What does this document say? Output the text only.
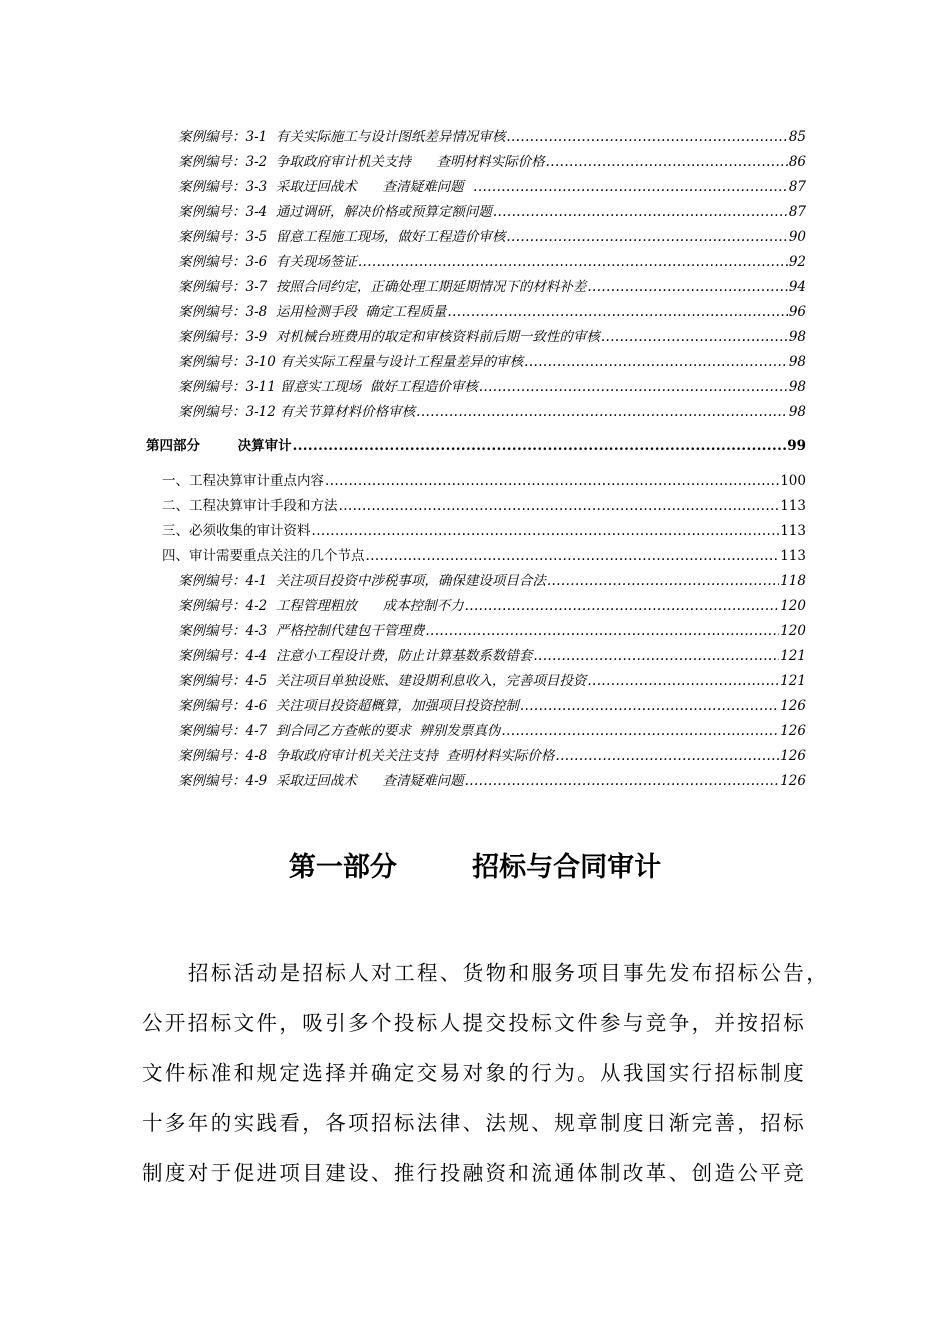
案例编号：3-1  有关实际施工与设计图纸差异情况审核 .....	85
案例编号：3-2  争取政府审计机关支持      查明材料实际价格 .....	86
案例编号：3-3  采取迂回战术      查清疑难问题 .....	87
案例编号：3-4  通过调研，解决价格或预算定额问题 .....	87
案例编号：3-5  留意工程施工现场，做好工程造价审核 .....	90
案例编号：3-6  有关现场签证 .....	92
案例编号：3-7  按照合同约定，正确处理工期延期情况下的材料补差 .....	94
案例编号：3-8  运用检测手段  确定工程质量 .....	96
案例编号：3-9  对机械台班费用的取定和审核资料前后期一致性的审核 .....	98
案例编号：3-10 有关实际工程量与设计工程量差异的审核 .....	98
案例编号：3-11 留意实工现场  做好工程造价审核 .....	98
案例编号：3-12 有关节算材料价格审核 .....	98
第四部分        决算审计 .....	99
一、工程决算审计重点内容 .....	100
二、工程决算审计手段和方法 .....	113
三、必须收集的审计资料 .....	113
四、审计需要重点关注的几个节点 .....	113
案例编号：4-1  关注项目投资中涉税事项，确保建设项目合法 .....	118
案例编号：4-2  工程管理粗放      成本控制不力 .....	120
案例编号：4-3  严格控制代建包干管理费 .....	120
案例编号：4-4  注意小工程设计费，防止计算基数系数错套 .....	121
案例编号：4-5  关注项目单独设账、建设期利息收入，完善项目投资 .....	121
案例编号：4-6  关注项目投资超概算，加强项目投资控制 .....	126
案例编号：4-7  到合同乙方查帐的要求  辨别发票真伪 .....	126
案例编号：4-8  争取政府审计机关关注支持  查明材料实际价格 .....	126
案例编号：4-9  采取迂回战术      查清疑难问题 .....	126
第一部分        招标与合同审计
招标活动是招标人对工程、货物和服务项目事先发布招标公告，
公开招标文件，吸引多个投标人提交投标文件参与竞争，并按招标
文件标准和规定选择并确定交易对象的行为。从我国实行招标制度
十多年的实践看，各项招标法律、法规、规章制度日渐完善，招标
制度对于促进项目建设、推行投融资和流通体制改革、创造公平竞
